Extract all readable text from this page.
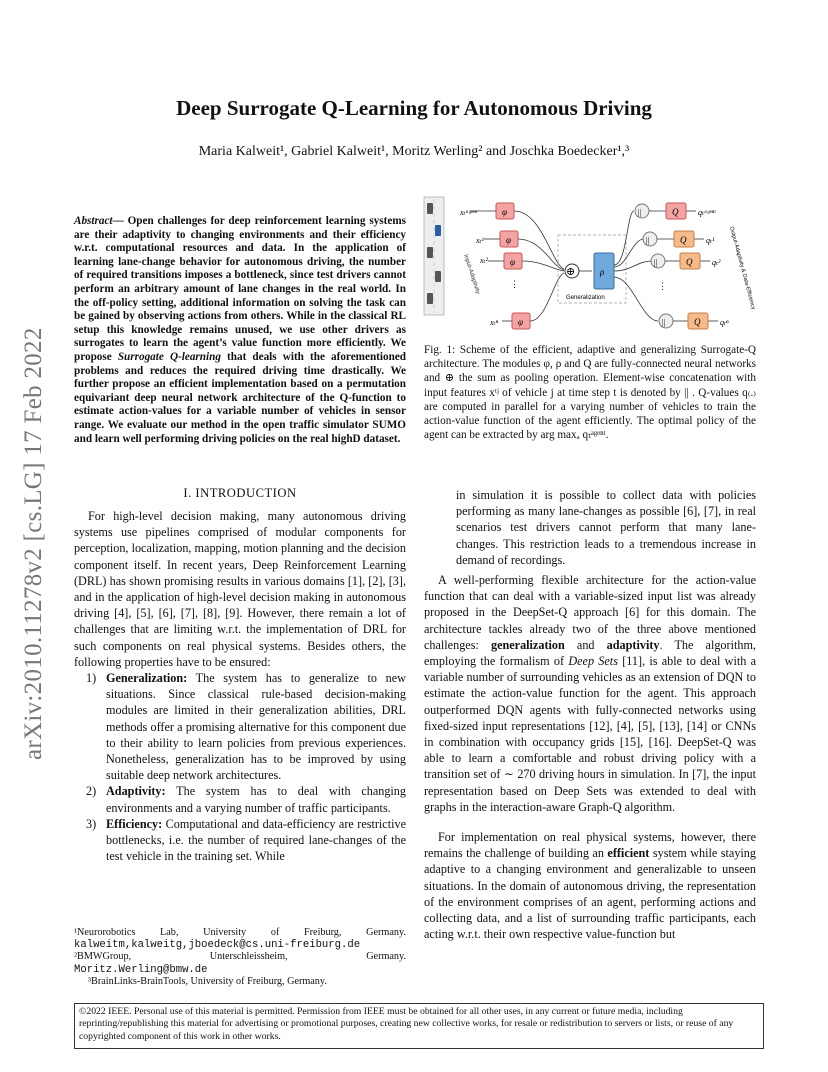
Deep Surrogate Q-Learning for Autonomous Driving
Maria Kalweit¹, Gabriel Kalweit¹, Moritz Werling² and Joschka Boedecker¹,³
arXiv:2010.11278v2 [cs.LG] 17 Feb 2022
Abstract— Open challenges for deep reinforcement learning systems are their adaptivity to changing environments and their efficiency w.r.t. computational resources and data. In the application of learning lane-change behavior for autonomous driving, the number of required transitions imposes a bottleneck, since test drivers cannot perform an arbitrary amount of lane changes in the real world. In the off-policy setting, additional information on solving the task can be gained by observing actions from others. While in the classical RL setup this knowledge remains unused, we use other drivers as surrogates to learn the agent’s value function more efficiently. We propose Surrogate Q-learning that deals with the aforementioned problems and reduces the required driving time drastically. We further propose an efficient implementation based on a permutation equivariant deep neural network architecture of the Q-function to estimate action-values for a variable number of vehicles in sensor range. We evaluate our method in the open traffic simulator SUMO and learn well performing driving policies on the real highD dataset.
Input-Adaptivity
xₜᵃᵍᵉⁿᵗ
xₜ¹
xₜ²
xₜⁿ
φ
φ
φ
⋮
φ
⊕
Generalization
ρ
||
||
||
⋮
||
Q
Q
Q
Q
qₜᵃᵍᵉⁿᵗ
qₜ¹
qₜ²
qₜⁿ
Output-Adaptivity & Data-Efficiency
Fig. 1: Scheme of the efficient, adaptive and generalizing Surrogate-Q architecture. The modules φ, ρ and Q are fully-connected neural networks and ⊕ the sum as pooling operation. Element-wise concatenation with input features xᵗʲ of vehicle j at time step t is denoted by || . Q-values q₍.₎ are computed in parallel for a varying number of vehicles to train the action-value function of the agent efficiently. The optimal policy of the agent can be extracted by arg maxₐ qₜᵃᵍᵉⁿᵗ.
I. INTRODUCTION

For high-level decision making, many autonomous driving systems use pipelines comprised of modular components for perception, localization, mapping, motion planning and the decision component itself. In recent years, Deep Reinforcement Learning (DRL) has shown promising results in various domains [1], [2], [3], and in the application of high-level decision making in autonomous driving [4], [5], [6], [7], [8], [9]. However, there remain a lot of challenges that are limiting w.r.t. the implementation of DRL for such components on real physical systems. Besides others, the following properties have to be ensured:

1) Generalization: The system has to generalize to new situations. Since classical rule-based decision-making modules are limited in their generalization abilities, DRL methods offer a promising alternative for this component due to their ability to learn policies from previous experiences. Nonetheless, generalization has to be improved by using suitable deep network architectures.
2) Adaptivity: The system has to deal with changing environments and a varying number of traffic participants.
3) Efficiency: Computational and data-efficiency are restrictive bottlenecks, i.e. the number of required lane-changes of the test vehicle in the training set. While
¹Neurorobotics Lab, University of Freiburg, Germany.
kalweitm,kalweitg,jboedeck@cs.uni-freiburg.de
²BMWGroup,	Unterschleissheim,	Germany.
Moritz.Werling@bmw.de
³BrainLinks-BrainTools, University of Freiburg, Germany.
in simulation it is possible to collect data with policies performing as many lane-changes as possible [6], [7], in real scenarios test drivers cannot perform that many lane-changes. This restriction leads to a tremendous increase in demand of recordings.

A well-performing flexible architecture for the action-value function that can deal with a variable-sized input list was already proposed in the DeepSet-Q approach [6] for this domain. The architecture tackles already two of the three above mentioned challenges: generalization and adaptivity. The algorithm, employing the formalism of Deep Sets [11], is able to deal with a variable number of surrounding vehicles as an extension of DQN to estimate the action-value function for the agent. This approach outperformed DQN agents with fully-connected networks using fixed-sized input representations [12], [4], [5], [13], [14] or CNNs in combination with occupancy grids [15], [16]. DeepSet-Q was able to learn a comfortable and robust driving policy with a transition set of ∼ 270 driving hours in simulation. In [7], the input representation based on Deep Sets was extended to deal with graphs in the interaction-aware Graph-Q algorithm.

For implementation on real physical systems, however, there remains the challenge of building an efficient system while staying adaptive to a changing environment and generalizable to unseen situations. In the domain of autonomous driving, the representation of the environment comprises of an agent, performing actions and collecting data, and a list of surrounding traffic participants, each acting w.r.t. their own respective value-function but

©2022 IEEE. Personal use of this material is permitted. Permission from IEEE must be obtained for all other uses, in any current or future media, including reprinting/republishing this material for advertising or promotional purposes, creating new collective works, for resale or redistribution to servers or lists, or reuse of any copyrighted component of this work in other works.
